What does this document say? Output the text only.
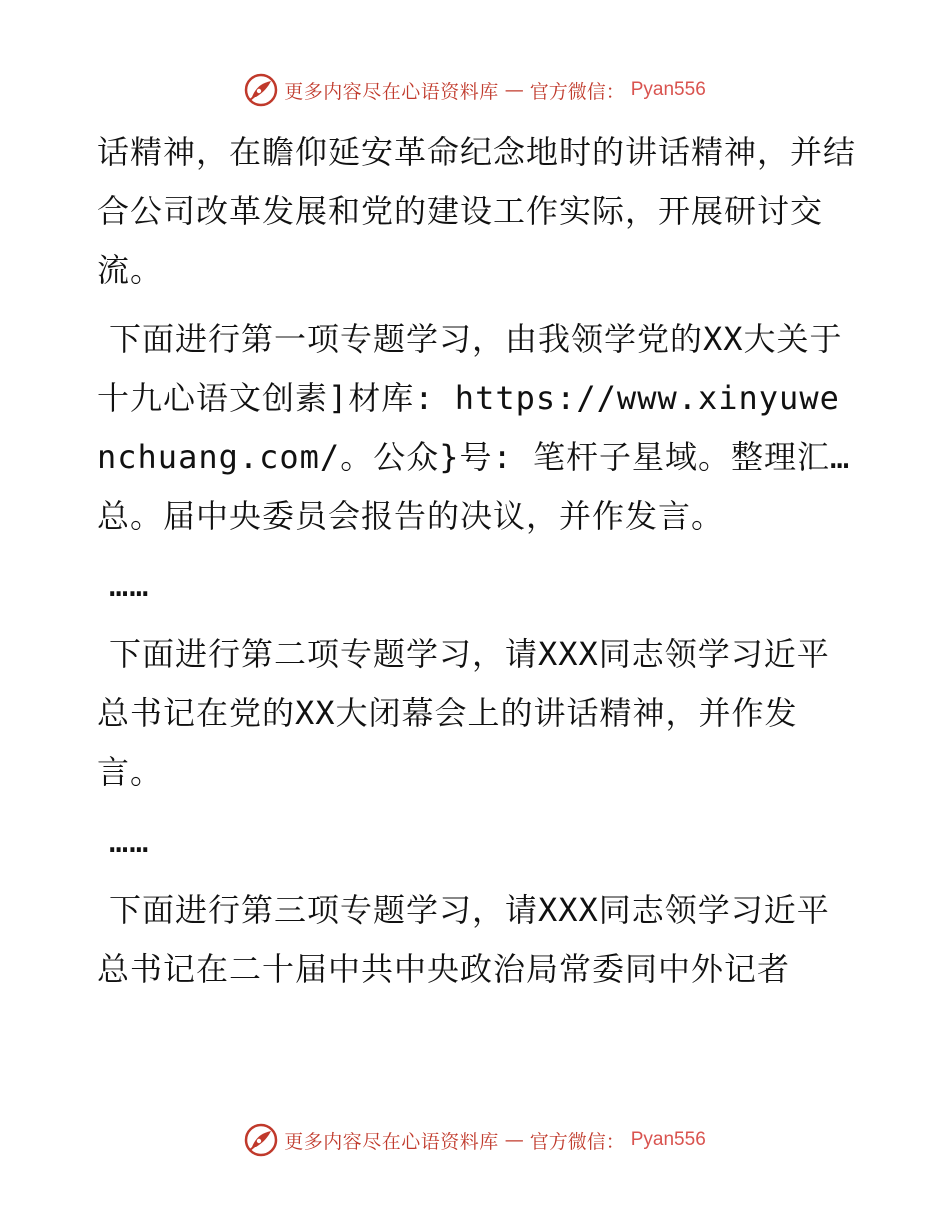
更多内容尽在心语资料库 — 官方微信： Pyan556

话精神，在瞻仰延安革命纪念地时的讲话精神，并结合公司改革发展和党的建设工作实际，开展研讨交流。

下面进行第一项专题学习，由我领学党的XX大关于十九心语文创素]材库: https://www.xinyuwenchuang.com/。公众}号: 笔杆子星域。整理汇…总。届中央委员会报告的决议，并作发言。

……

下面进行第二项专题学习，请XXX同志领学习近平总书记在党的XX大闭幕会上的讲话精神，并作发言。

……

下面进行第三项专题学习，请XXX同志领学习近平总书记在二十届中共中央政治局常委同中外记者

更多内容尽在心语资料库 — 官方微信： Pyan556
